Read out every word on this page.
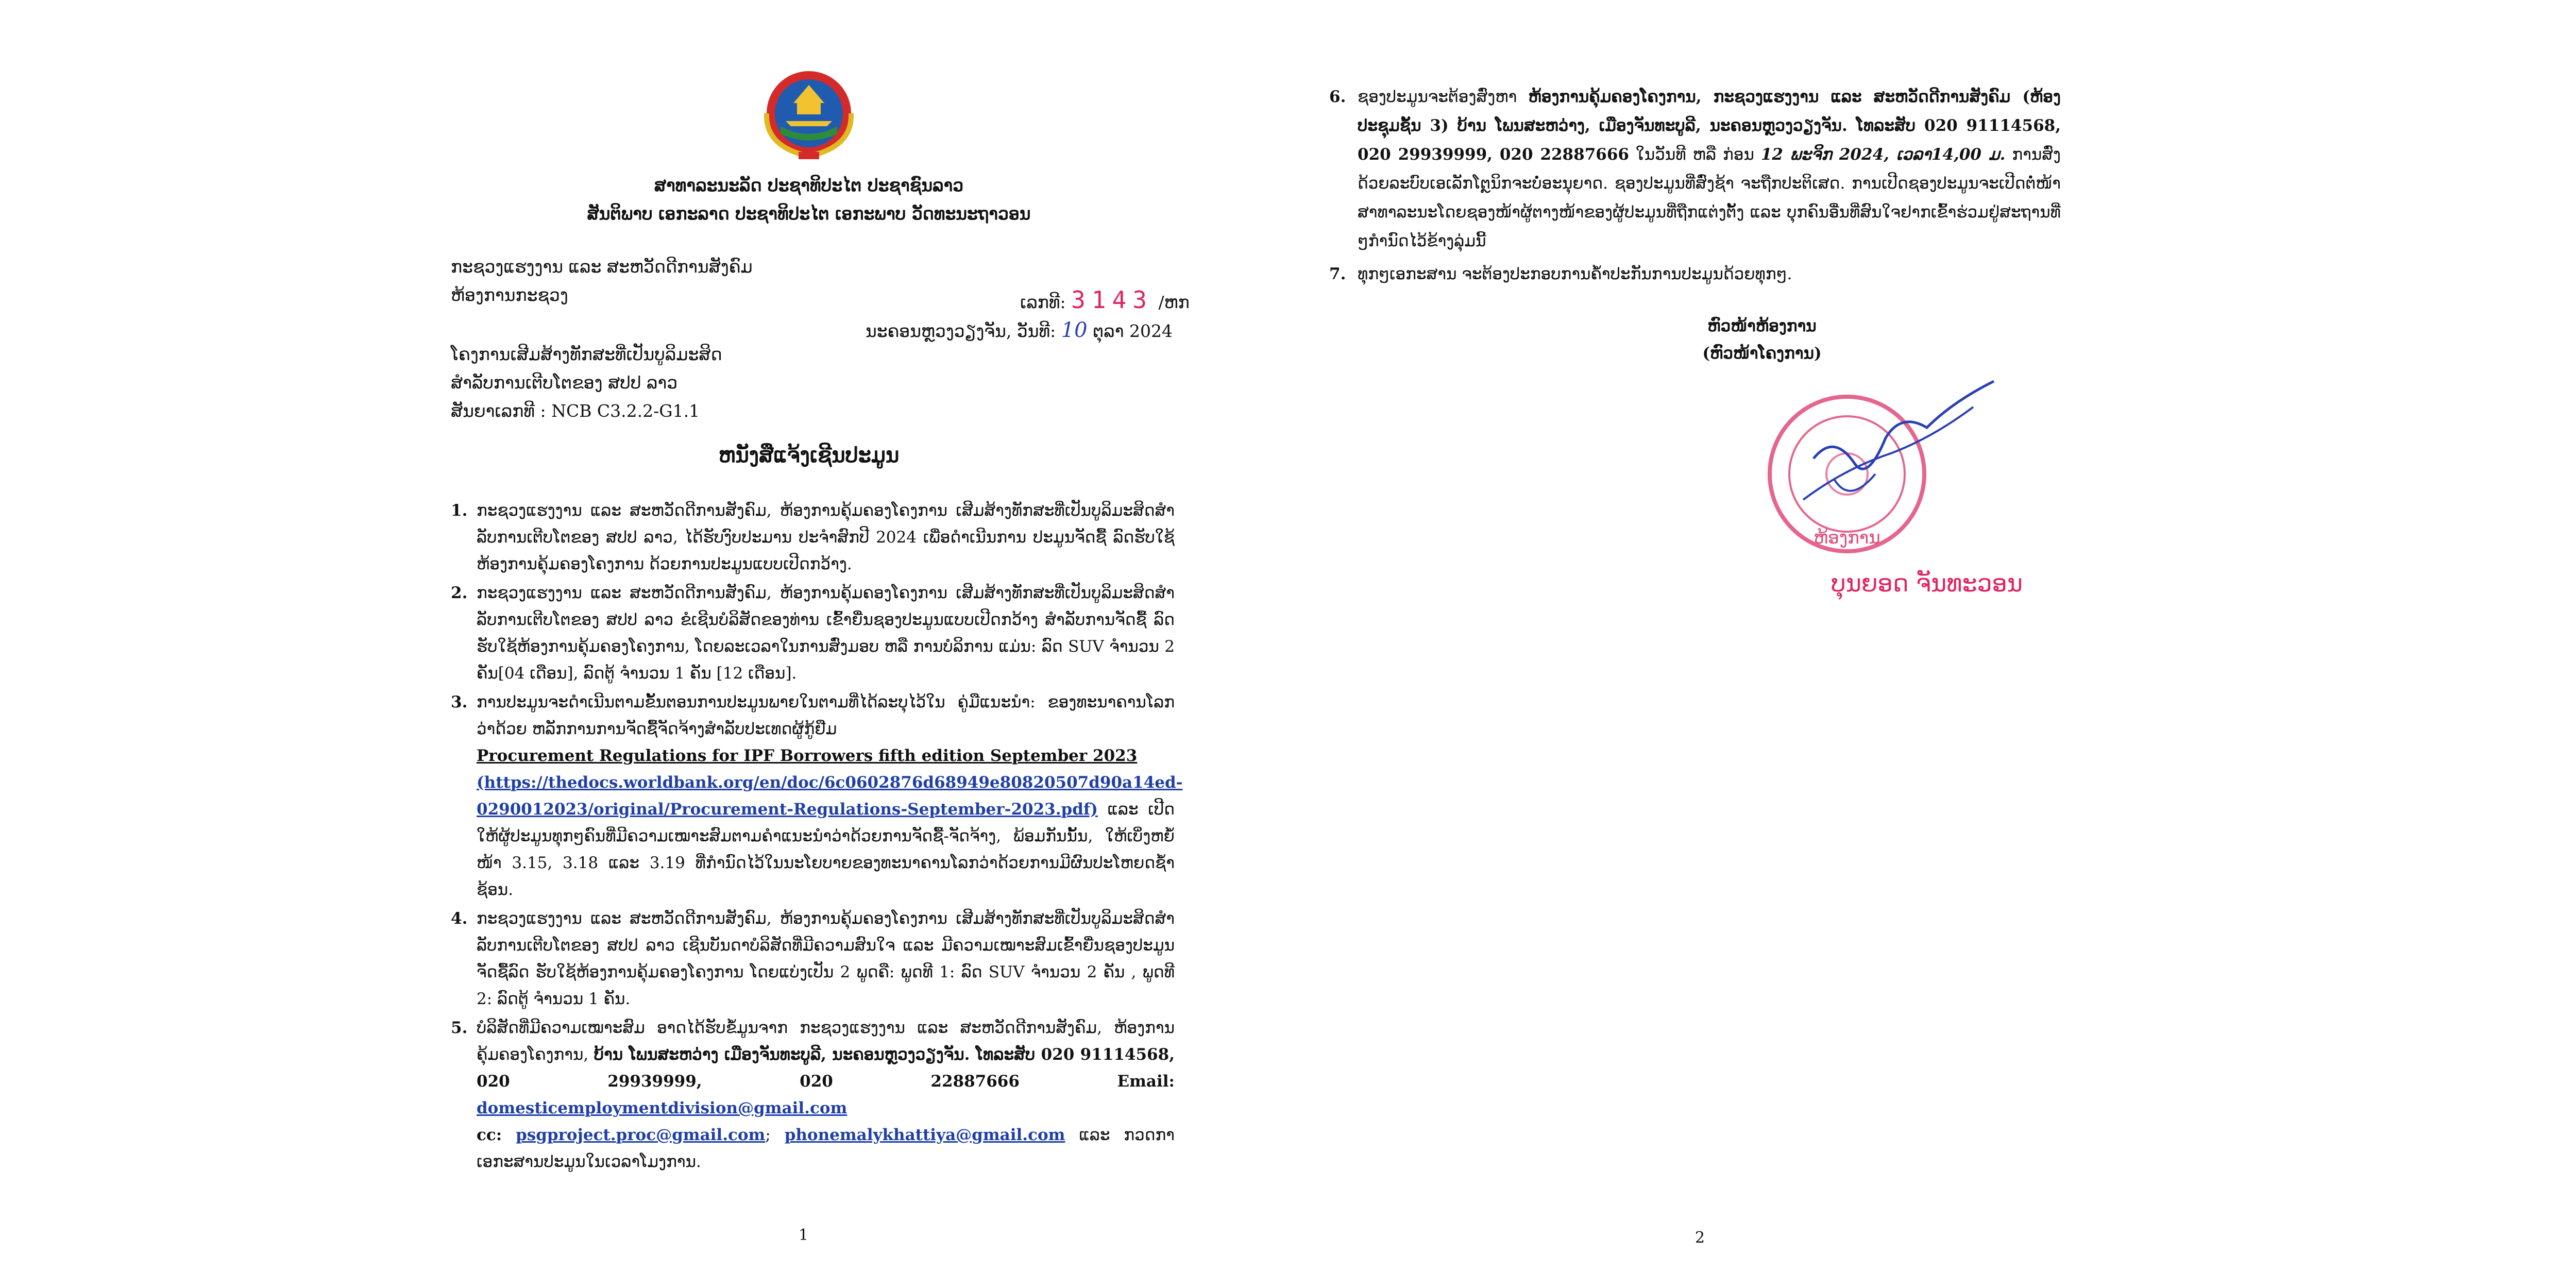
ສາທາລະນະລັດ ປະຊາທິປະໄຕ ປະຊາຊົນລາວ
ສັນຕິພາບ ເອກະລາດ ປະຊາທິປະໄຕ ເອກະພາບ ວັດທະນະຖາວອນ
ກະຊວງແຮງງານ ແລະ ສະຫວັດດີການສັງຄົມ
ຫ້ອງການກະຊວງ	ເລກທີ: 3143 /ຫກ
ນະຄອນຫຼວງວຽງຈັນ, ວັນທີ: 10 ຕຸລາ 2024
ໂຄງການເສີມສ້າງທັກສະທີ່ເປັນບູລິມະສິດ
ສໍາລັບການເຕີບໂຕຂອງ ສປປ ລາວ
ສັນຍາເລກທີ : NCB C3.2.2-G1.1
ຫນັງສືແຈ້ງເຊີນປະມູນ
1. ກະຊວງແຮງງານ ແລະ ສະຫວັດດີການສັງຄົມ, ຫ້ອງການຄຸ້ມຄອງໂຄງການ ເສີມສ້າງທັກສະທີ່ເປັນບູລິມະສິດສໍາລັບການເຕີບໂຕຂອງ ສປປ ລາວ, ໄດ້ຮັບງົບປະມານ ປະຈໍາສົກປີ 2024 ເພື່ອດໍາເນີນການ ປະມູນຈັດຊື້ ລົດຮັບໃຊ້ຫ້ອງການຄຸ້ມຄອງໂຄງການ ດ້ວຍການປະມູນແບບເປີດກວ້າງ.
2. ກະຊວງແຮງງານ ແລະ ສະຫວັດດີການສັງຄົມ, ຫ້ອງການຄຸ້ມຄອງໂຄງການ ເສີມສ້າງທັກສະທີ່ເປັນບູລິມະສິດສໍາລັບການເຕີບໂຕຂອງ ສປປ ລາວ ຂໍເຊີນບໍລິສັດຂອງທ່ານ ເຂົ້າຍື່ນຊອງປະມູນແບບເປີດກວ້າງ ສໍາລັບການຈັດຊື້ ລົດຮັບໃຊ້ຫ້ອງການຄຸ້ມຄອງໂຄງການ, ໂດຍລະເວລາໃນການສົ່ງມອບ ຫລື ການບໍລິການ ແມ່ນ: ລົດ SUV ຈໍານວນ 2 ຄັນ[04 ເດືອນ], ລົດຕູ້ ຈໍານວນ 1 ຄັນ [12 ເດືອນ].
3. ການປະມູນຈະດໍາເນີນຕາມຂັ້ນຕອນການປະມູນພາຍໃນຕາມທີ່ໄດ້ລະບຸໄວ້ໃນ ຄູ່ມືແນະນໍາ: ຂອງທະນາຄານໂລກ ວ່າດ້ວຍ ຫລັກການການຈັດຊື້ຈັດຈ້າງສໍາລັບປະເທດຜູ້ກູ້ຢືມ
Procurement Regulations for IPF Borrowers fifth edition September 2023
(https://thedocs.worldbank.org/en/doc/6c0602876d68949e80820507d90a14ed-0290012023/original/Procurement-Regulations-September-2023.pdf) ແລະ ເປີດໃຫ້ຜູ້ປະມູນທຸກໆຄົນທີ່ມີຄວາມເໝາະສົມຕາມຄໍາແນະນໍາວ່າດ້ວຍການຈັດຊື້-ຈັດຈ້າງ, ພ້ອມກັນນັ້ນ, ໃຫ້ເບິ່ງຫຍໍ້ໜ້າ 3.15, 3.18 ແລະ 3.19 ທີ່ກໍານົດໄວ້ໃນນະໂຍບາຍຂອງທະນາຄານໂລກວ່າດ້ວຍການມີຜົນປະໂຫຍດຊໍ້າຊ້ອນ.
4. ກະຊວງແຮງງານ ແລະ ສະຫວັດດີການສັງຄົມ, ຫ້ອງການຄຸ້ມຄອງໂຄງການ ເສີມສ້າງທັກສະທີ່ເປັນບູລິມະສິດສໍາລັບການເຕີບໂຕຂອງ ສປປ ລາວ ເຊີນບັນດາບໍລິສັດທີ່ມີຄວາມສົນໃຈ ແລະ ມີຄວາມເໝາະສົມເຂົ້າຍື່ນຊອງປະມູນຈັດຊື້ລົດ ຮັບໃຊ້ຫ້ອງການຄຸ້ມຄອງໂຄງການ ໂດຍແບ່ງເປັນ 2 ພູດຄື: ພູດທີ 1: ລົດ SUV ຈໍານວນ 2 ຄັນ , ພູດທີ 2: ລົດຕູ້ ຈໍານວນ 1 ຄັນ.
5. ບໍລິສັດທີ່ມີຄວາມເໝາະສົມ ອາດໄດ້ຮັບຂໍ້ມູນຈາກ ກະຊວງແຮງງານ ແລະ ສະຫວັດດີການສັງຄົມ, ຫ້ອງການຄຸ້ມຄອງໂຄງການ, ບ້ານ ໂພນສະຫວ່າງ ເມືອງຈັນທະບູລີ, ນະຄອນຫຼວງວຽງຈັນ. ໂທລະສັບ 020 91114568, 020 29939999, 020 22887666 Email: domesticemploymentdivision@gmail.com
cc: psgproject.proc@gmail.com; phonemalykhattiya@gmail.com ແລະ ກວດກາເອກະສານປະມູນໃນເວລາໂມງການ.
1
6. ຊອງປະມູນຈະຕ້ອງສົ່ງຫາ ຫ້ອງການຄຸ້ມຄອງໂຄງການ, ກະຊວງແຮງງານ ແລະ ສະຫວັດດີການສັງຄົມ (ຫ້ອງປະຊຸມຊັ້ນ 3) ບ້ານ ໂພນສະຫວ່າງ, ເມືອງຈັນທະບູລີ, ນະຄອນຫຼວງວຽງຈັນ. ໂທລະສັບ 020 91114568, 020 29939999, 020 22887666 ໃນວັນທີ ຫລື ກ່ອນ 12 ພະຈິກ 2024, ເວລາ14,00 ມ. ການສົ່ງດ້ວຍລະບົບເອເລັກໂຕຼນິກຈະບໍ່ອະນຸຍາດ. ຊອງປະມູນທີ່ສົ່ງຊ້າ ຈະຖືກປະຕິເສດ. ການເປີດຊອງປະມູນຈະເປີດຕໍ່ໜ້າສາທາລະນະໂດຍຊອງໜ້າຜູ້ຕາງໜ້າຂອງຜູ້ປະມູນທີ່ຖືກແຕ່ງຕັ້ງ ແລະ ບຸກຄົນອື່ນທີ່ສົນໃຈຢາກເຂົ້າຮ່ວມຢູ່ສະຖານທີ່ໆກໍານົດໄວ້ຂ້າງລຸ່ມນີ້
7. ທຸກໆເອກະສານ ຈະຕ້ອງປະກອບການຄໍ້າປະກັນການປະມູນດ້ວຍທຸກໆ.
ຫົວໜ້າຫ້ອງການ
(ຫົວໜ້າໂຄງການ)
ຫ້ອງການ
ບຸນຍອດ ຈັນທະວອນ
2
